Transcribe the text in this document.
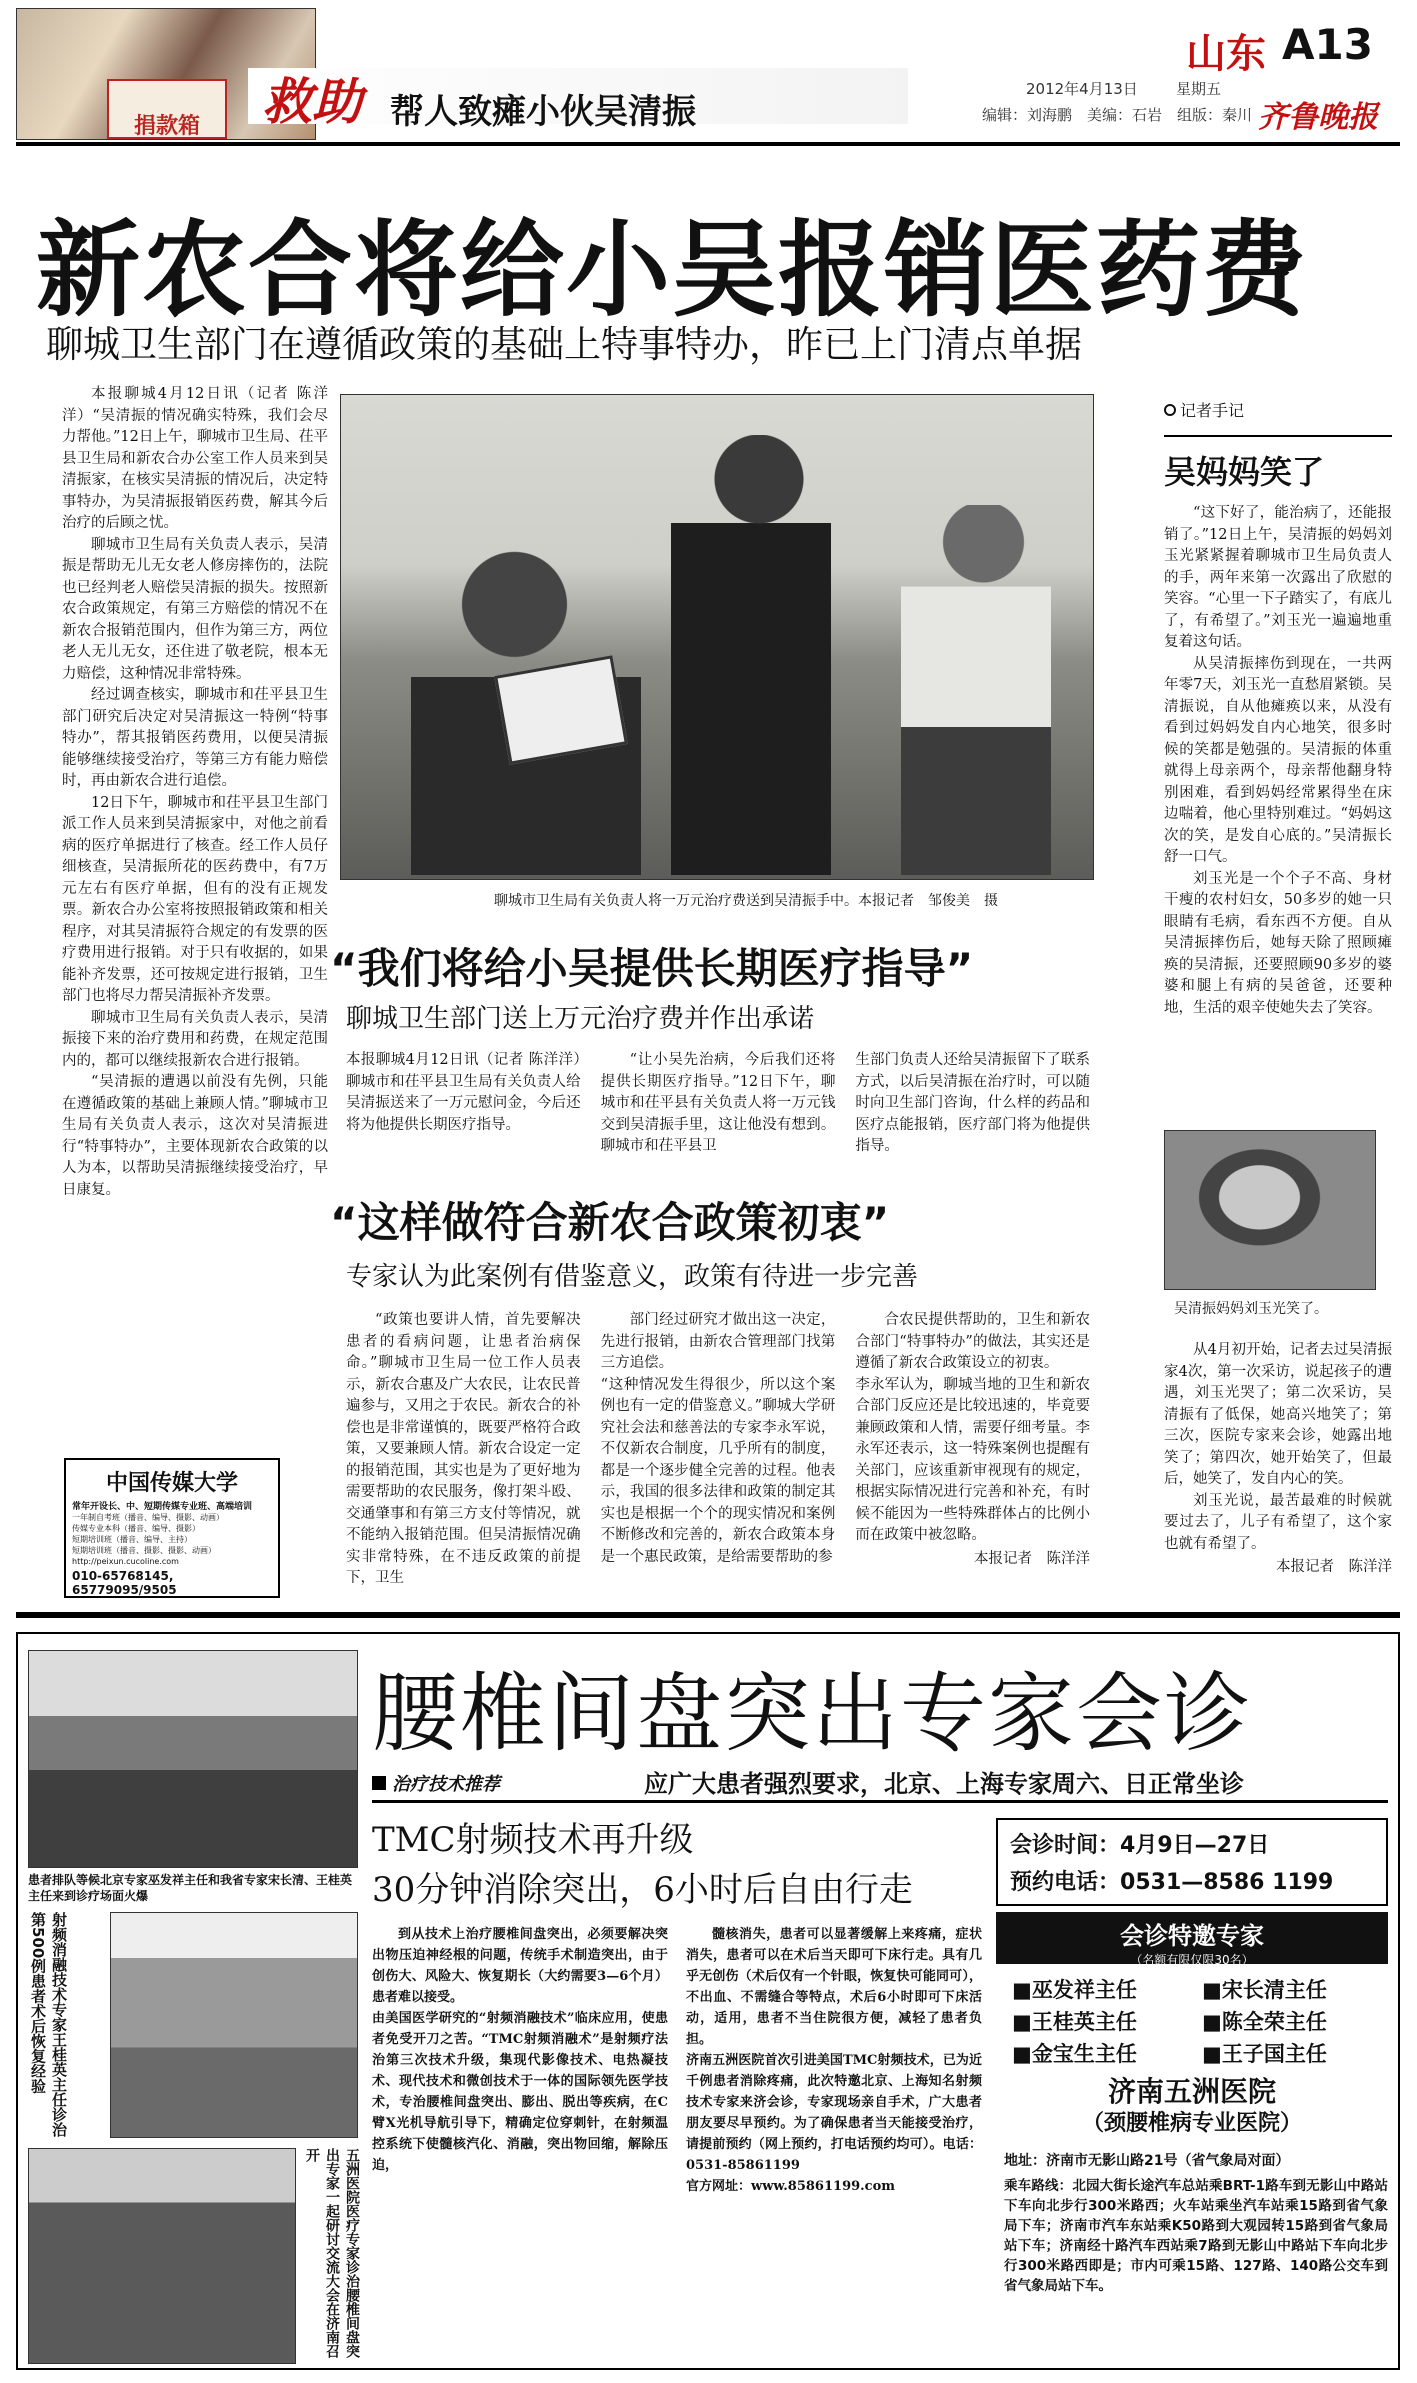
捐款箱	救助 帮人致瘫小伙吴清振
山东 A13
2012年4月13日	星期五
编辑：刘海鹏　美编：石岩　组版：秦川 齐鲁晚报
新农合将给小吴报销医药费
聊城卫生部门在遵循政策的基础上特事特办，昨已上门清点单据

本报聊城4月12日讯（记者 陈洋洋）“吴清振的情况确实特殊，我们会尽力帮他。”12日上午，聊城市卫生局、茌平县卫生局和新农合办公室工作人员来到吴清振家，在核实吴清振的情况后，决定特事特办，为吴清振报销医药费，解其今后治疗的后顾之忧。

聊城市卫生局有关负责人表示，吴清振是帮助无儿无女老人修房摔伤的，法院也已经判老人赔偿吴清振的损失。按照新农合政策规定，有第三方赔偿的情况不在新农合报销范围内，但作为第三方，两位老人无儿无女，还住进了敬老院，根本无力赔偿，这种情况非常特殊。

经过调查核实，聊城市和茌平县卫生部门研究后决定对吴清振这一特例“特事特办”，帮其报销医药费用，以便吴清振能够继续接受治疗，等第三方有能力赔偿时，再由新农合进行追偿。

12日下午，聊城市和茌平县卫生部门派工作人员来到吴清振家中，对他之前看病的医疗单据进行了核查。经工作人员仔细核查，吴清振所花的医药费中，有7万元左右有医疗单据，但有的没有正规发票。新农合办公室将按照报销政策和相关程序，对其吴清振符合规定的有发票的医疗费用进行报销。对于只有收据的，如果能补齐发票，还可按规定进行报销，卫生部门也将尽力帮吴清振补齐发票。

聊城市卫生局有关负责人表示，吴清振接下来的治疗费用和药费，在规定范围内的，都可以继续报新农合进行报销。

“吴清振的遭遇以前没有先例，只能在遵循政策的基础上兼顾人情。”聊城市卫生局有关负责人表示，这次对吴清振进行“特事特办”，主要体现新农合政策的以人为本，以帮助吴清振继续接受治疗，早日康复。

中国传媒大学
常年开设长、中、短期传媒专业班、高端培训
一年制自考班（播音、编导、摄影、动画）
传媒专业本科（播音、编导、摄影）
短期培训班（播音、编导、主持）
短期培训班（播音、摄影、摄影、动画）
http://peixun.cucoline.com
010-65768145, 65779095/9505
聊城市卫生局有关负责人将一万元治疗费送到吴清振手中。本报记者　邹俊美　摄
“我们将给小吴提供长期医疗指导”
聊城卫生部门送上万元治疗费并作出承诺

本报聊城4月12日讯（记者 陈洋洋）　聊城市和茌平县卫生局有关负责人给吴清振送来了一万元慰问金，今后还将为他提供长期医疗指导。

“让小吴先治病，今后我们还将提供长期医疗指导。”12日下午，聊城市和茌平县有关负责人将一万元钱交到吴清振手里，这让他没有想到。聊城市和茌平县卫

生部门负责人还给吴清振留下了联系方式，以后吴清振在治疗时，可以随时向卫生部门咨询，什么样的药品和医疗点能报销，医疗部门将为他提供指导。

“这样做符合新农合政策初衷”
专家认为此案例有借鉴意义，政策有待进一步完善

“政策也要讲人情，首先要解决患者的看病问题，让患者治病保命。”聊城市卫生局一位工作人员表示，新农合惠及广大农民，让农民普遍参与，又用之于农民。新农合的补偿也是非常谨慎的，既要严格符合政策，又要兼顾人情。新农合设定一定的报销范围，其实也是为了更好地为需要帮助的农民服务，像打架斗殴、交通肇事和有第三方支付等情况，就不能纳入报销范围。但吴清振情况确实非常特殊，在不违反政策的前提下，卫生

部门经过研究才做出这一决定，先进行报销，由新农合管理部门找第三方追偿。
“这种情况发生得很少，所以这个案例也有一定的借鉴意义。”聊城大学研究社会法和慈善法的专家李永军说，不仅新农合制度，几乎所有的制度，都是一个逐步健全完善的过程。他表示，我国的很多法律和政策的制定其实也是根据一个个的现实情况和案例不断修改和完善的，新农合政策本身是一个惠民政策，是给需要帮助的参

合农民提供帮助的，卫生和新农合部门“特事特办”的做法，其实还是遵循了新农合政策设立的初衷。
李永军认为，聊城当地的卫生和新农合部门反应还是比较迅速的，毕竟要兼顾政策和人情，需要仔细考量。李永军还表示，这一特殊案例也提醒有关部门，应该重新审视现有的规定，根据实际情况进行完善和补充，有时候不能因为一些特殊群体占的比例小而在政策中被忽略。

本报记者　陈洋洋
记者手记
吴妈妈笑了

“这下好了，能治病了，还能报销了。”12日上午，吴清振的妈妈刘玉光紧紧握着聊城市卫生局负责人的手，两年来第一次露出了欣慰的笑容。“心里一下子踏实了，有底儿了，有希望了。”刘玉光一遍遍地重复着这句话。

从吴清振摔伤到现在，一共两年零7天，刘玉光一直愁眉紧锁。吴清振说，自从他瘫痪以来，从没有看到过妈妈发自内心地笑，很多时候的笑都是勉强的。吴清振的体重就得上母亲两个，母亲帮他翻身特别困难，看到妈妈经常累得坐在床边喘着，他心里特别难过。“妈妈这次的笑，是发自心底的。”吴清振长舒一口气。

刘玉光是一个个子不高、身材干瘦的农村妇女，50多岁的她一只眼睛有毛病，看东西不方便。自从吴清振摔伤后，她每天除了照顾瘫痪的吴清振，还要照顾90多岁的婆婆和腿上有病的吴爸爸，还要种地，生活的艰辛使她失去了笑容。

吴清振妈妈刘玉光笑了。

从4月初开始，记者去过吴清振家4次，第一次采访，说起孩子的遭遇，刘玉光哭了；第二次采访，吴清振有了低保，她高兴地笑了；第三次，医院专家来会诊，她露出地笑了；第四次，她开始笑了，但最后，她笑了，发自内心的笑。

刘玉光说，最苦最难的时候就要过去了，儿子有希望了，这个家也就有希望了。

本报记者　陈洋洋
患者排队等候北京专家巫发祥主任和我省专家宋长清、王桂英主任来到诊疗场面火爆
射频消融技术专家王桂英主任诊治第500例患者术后恢复经验
五洲医院医疗专家诊治腰椎间盘突出专家一起研讨交流大会在济南召开
腰椎间盘突出专家会诊
治疗技术推荐	应广大患者强烈要求，北京、上海专家周六、日正常坐诊
TMC射频技术再升级
30分钟消除突出，6小时后自由行走

到从技术上治疗腰椎间盘突出，必须要解决突出物压迫神经根的问题，传统手术制造突出，由于创伤大、风险大、恢复期长（大约需要3—6个月）患者难以接受。
由美国医学研究的“射频消融技术”临床应用，使患者免受开刀之苦。“TMC射频消融术”是射频疗法治第三次技术升级，集现代影像技术、电热凝技术、现代技术和微创技术于一体的国际领先医学技术，专治腰椎间盘突出、膨出、脱出等疾病，在C臂X光机导航引导下，精确定位穿刺针，在射频温控系统下使髓核汽化、消融，突出物回缩，解除压迫，

髓核消失，患者可以显著缓解上来疼痛，症状消失，患者可以在术后当天即可下床行走。具有几乎无创伤（术后仅有一个针眼，恢复快可能同可），不出血、不需缝合等特点，术后6小时即可下床活动，适用，患者不当住院很方便，减轻了患者负担。
济南五洲医院首次引进美国TMC射频技术，已为近千例患者消除疼痛，此次特邀北京、上海知名射频技术专家来济会诊，专家现场亲自手术，广大患者朋友要尽早预约。为了确保患者当天能接受治疗，请提前预约（网上预约，打电话预约均可）。电话：0531-85861199
官方网址：www.85861199.com

会诊时间：4月9日—27日
预约电话：0531—8586 1199
会诊特邀专家
（名额有限仅限30名）
■巫发祥主任	■宋长清主任
■王桂英主任	■陈全荣主任
■金宝生主任	■王子国主任
济南五洲医院
（颈腰椎病专业医院）
地址：济南市无影山路21号（省气象局对面）
乘车路线：北园大街长途汽车总站乘BRT-1路车到无影山中路站下车向北步行300米路西；火车站乘坐汽车站乘15路到省气象局下车；济南市汽车东站乘K50路到大观园转15路到省气象局站下车；济南经十路汽车西站乘7路到无影山中路站下车向北步行300米路西即是；市内可乘15路、127路、140路公交车到省气象局站下车。
